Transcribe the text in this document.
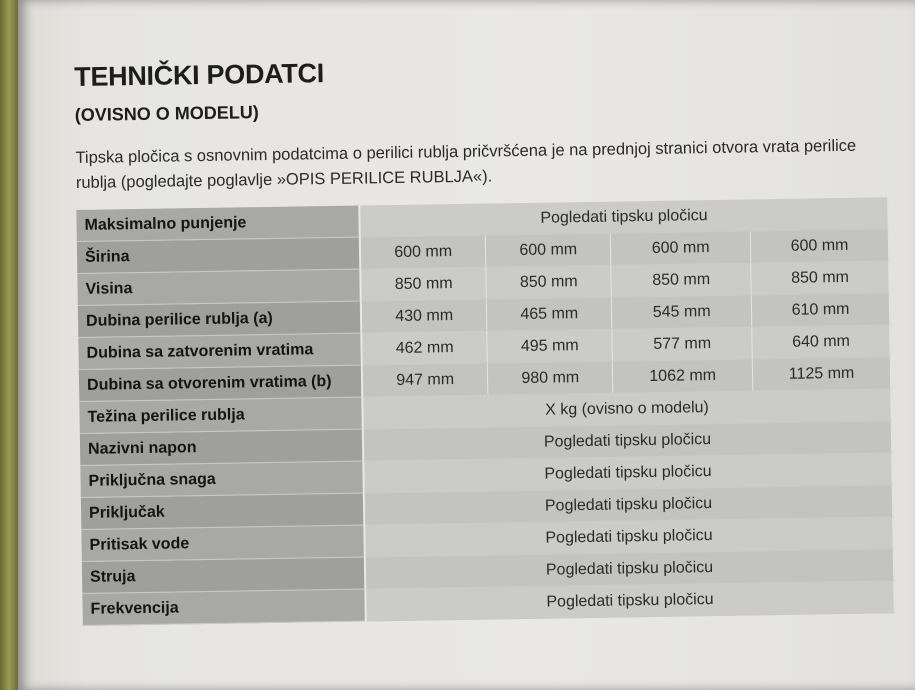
TEHNIČKI PODATCI
(OVISNO O MODELU)

Tipska pločica s osnovnim podatcima o perilici rublja pričvršćena je na prednjoj stranici otvora vrata perilice rublja (pogledajte poglavlje »OPIS PERILICE RUBLJA«).

Maksimalno punjenje	Pogledati tipsku pločicu			
Širina	600 mm	600 mm	600 mm	600 mm
Visina	850 mm	850 mm	850 mm	850 mm
Dubina perilice rublja (a)	430 mm	465 mm	545 mm	610 mm
Dubina sa zatvorenim vratima	462 mm	495 mm	577 mm	640 mm
Dubina sa otvorenim vratima (b)	947 mm	980 mm	1062 mm	1125 mm
Težina perilice rublja	X kg (ovisno o modelu)			
Nazivni napon	Pogledati tipsku pločicu			
Priključna snaga	Pogledati tipsku pločicu			
Priključak	Pogledati tipsku pločicu			
Pritisak vode	Pogledati tipsku pločicu			
Struja	Pogledati tipsku pločicu			
Frekvencija	Pogledati tipsku pločicu			
